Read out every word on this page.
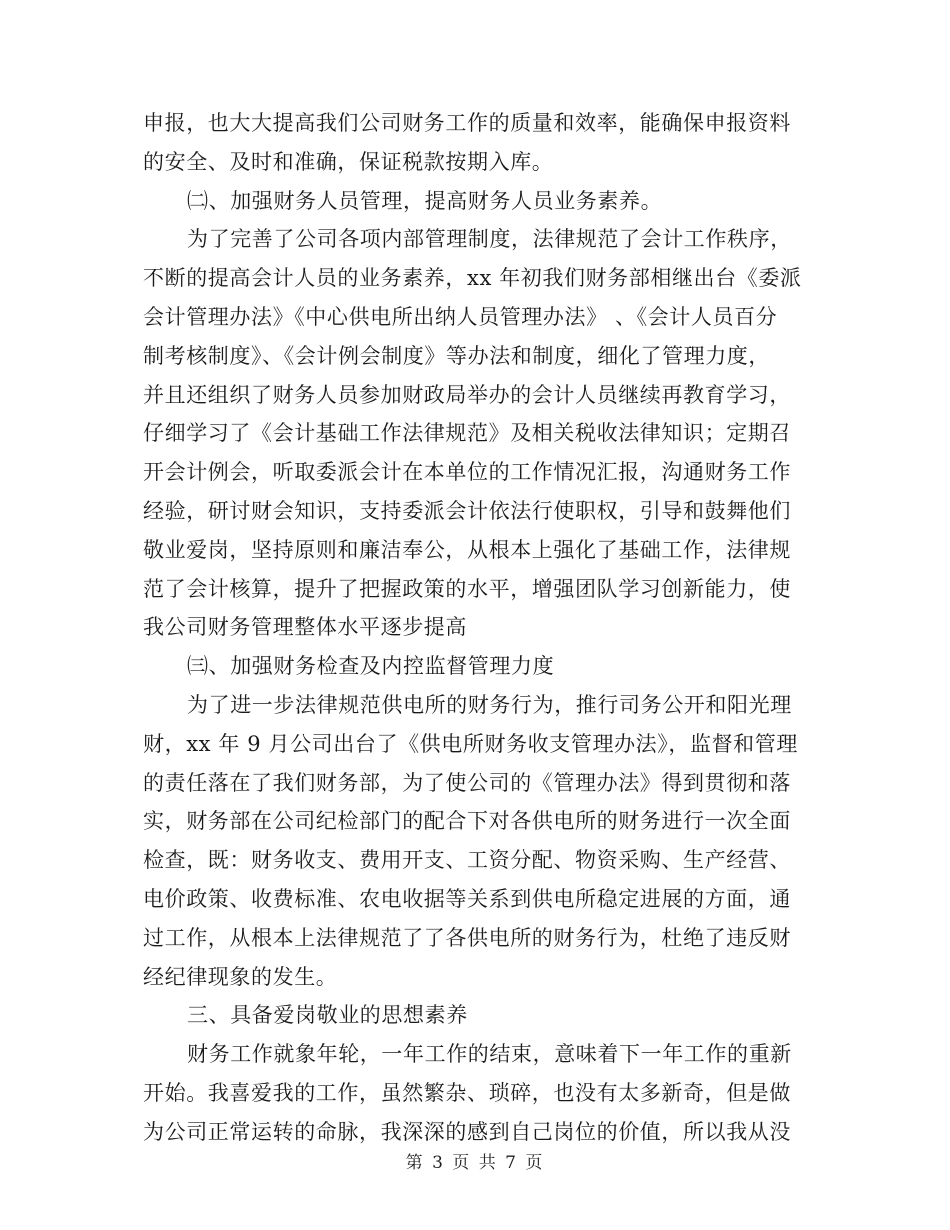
申报，也大大提高我们公司财务工作的质量和效率，能确保申报资料
的安全、及时和准确，保证税款按期入库。
㈡、加强财务人员管理，提高财务人员业务素养。
为了完善了公司各项内部管理制度，法律规范了会计工作秩序，
不断的提高会计人员的业务素养，xx 年初我们财务部相继出台《委派
会计管理办法》《中心供电所出纳人员管理办法》 、《会计人员百分
制考核制度》、《会计例会制度》等办法和制度，细化了管理力度，
并且还组织了财务人员参加财政局举办的会计人员继续再教育学习，
仔细学习了《会计基础工作法律规范》及相关税收法律知识；定期召
开会计例会，听取委派会计在本单位的工作情况汇报，沟通财务工作
经验，研讨财会知识，支持委派会计依法行使职权，引导和鼓舞他们
敬业爱岗，坚持原则和廉洁奉公，从根本上强化了基础工作，法律规
范了会计核算，提升了把握政策的水平，增强团队学习创新能力，使
我公司财务管理整体水平逐步提高
㈢、加强财务检查及内控监督管理力度
为了进一步法律规范供电所的财务行为，推行司务公开和阳光理
财，xx 年 9 月公司出台了《供电所财务收支管理办法》，监督和管理
的责任落在了我们财务部，为了使公司的《管理办法》得到贯彻和落
实，财务部在公司纪检部门的配合下对各供电所的财务进行一次全面
检查，既：财务收支、费用开支、工资分配、物资采购、生产经营、
电价政策、收费标准、农电收据等关系到供电所稳定进展的方面，通
过工作，从根本上法律规范了了各供电所的财务行为，杜绝了违反财
经纪律现象的发生。
三、具备爱岗敬业的思想素养
财务工作就象年轮，一年工作的结束，意味着下一年工作的重新
开始。我喜爱我的工作，虽然繁杂、琐碎，也没有太多新奇，但是做
为公司正常运转的命脉，我深深的感到自己岗位的价值，所以我从没
第 3 页 共 7 页
